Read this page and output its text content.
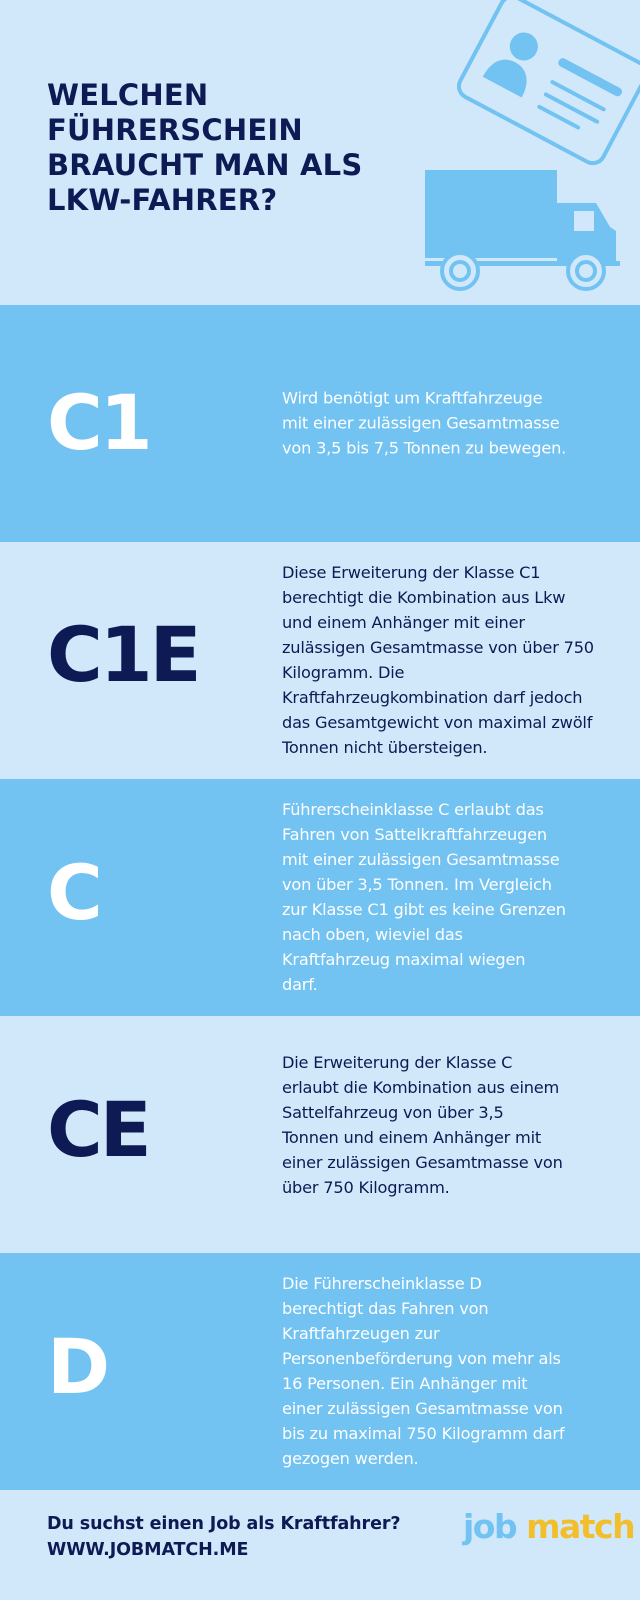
WELCHEN
FÜHRERSCHEIN
BRAUCHT MAN ALS
LKW-FAHRER?
C1	Wird benötigt um Kraftfahrzeuge
mit einer zulässigen Gesamtmasse
von 3,5 bis 7,5 Tonnen zu bewegen.
C1E
Diese Erweiterung der Klasse C1
berechtigt die Kombination aus Lkw
und einem Anhänger mit einer
zulässigen Gesamtmasse von über 750
Kilogramm. Die
Kraftfahrzeugkombination darf jedoch
das Gesamtgewicht von maximal zwölf
Tonnen nicht übersteigen.
C
Führerscheinklasse C erlaubt das
Fahren von Sattelkraftfahrzeugen
mit einer zulässigen Gesamtmasse
von über 3,5 Tonnen. Im Vergleich
zur Klasse C1 gibt es keine Grenzen
nach oben, wieviel das
Kraftfahrzeug maximal wiegen
darf.
CE
Die Erweiterung der Klasse C
erlaubt die Kombination aus einem
Sattelfahrzeug von über 3,5
Tonnen und einem Anhänger mit
einer zulässigen Gesamtmasse von
über 750 Kilogramm.
D
Die Führerscheinklasse D
berechtigt das Fahren von
Kraftfahrzeugen zur
Personenbeförderung von mehr als
16 Personen. Ein Anhänger mit
einer zulässigen Gesamtmasse von
bis zu maximal 750 Kilogramm darf
gezogen werden.
Du suchst einen Job als Kraftfahrer?
WWW.JOBMATCH.ME
job match
